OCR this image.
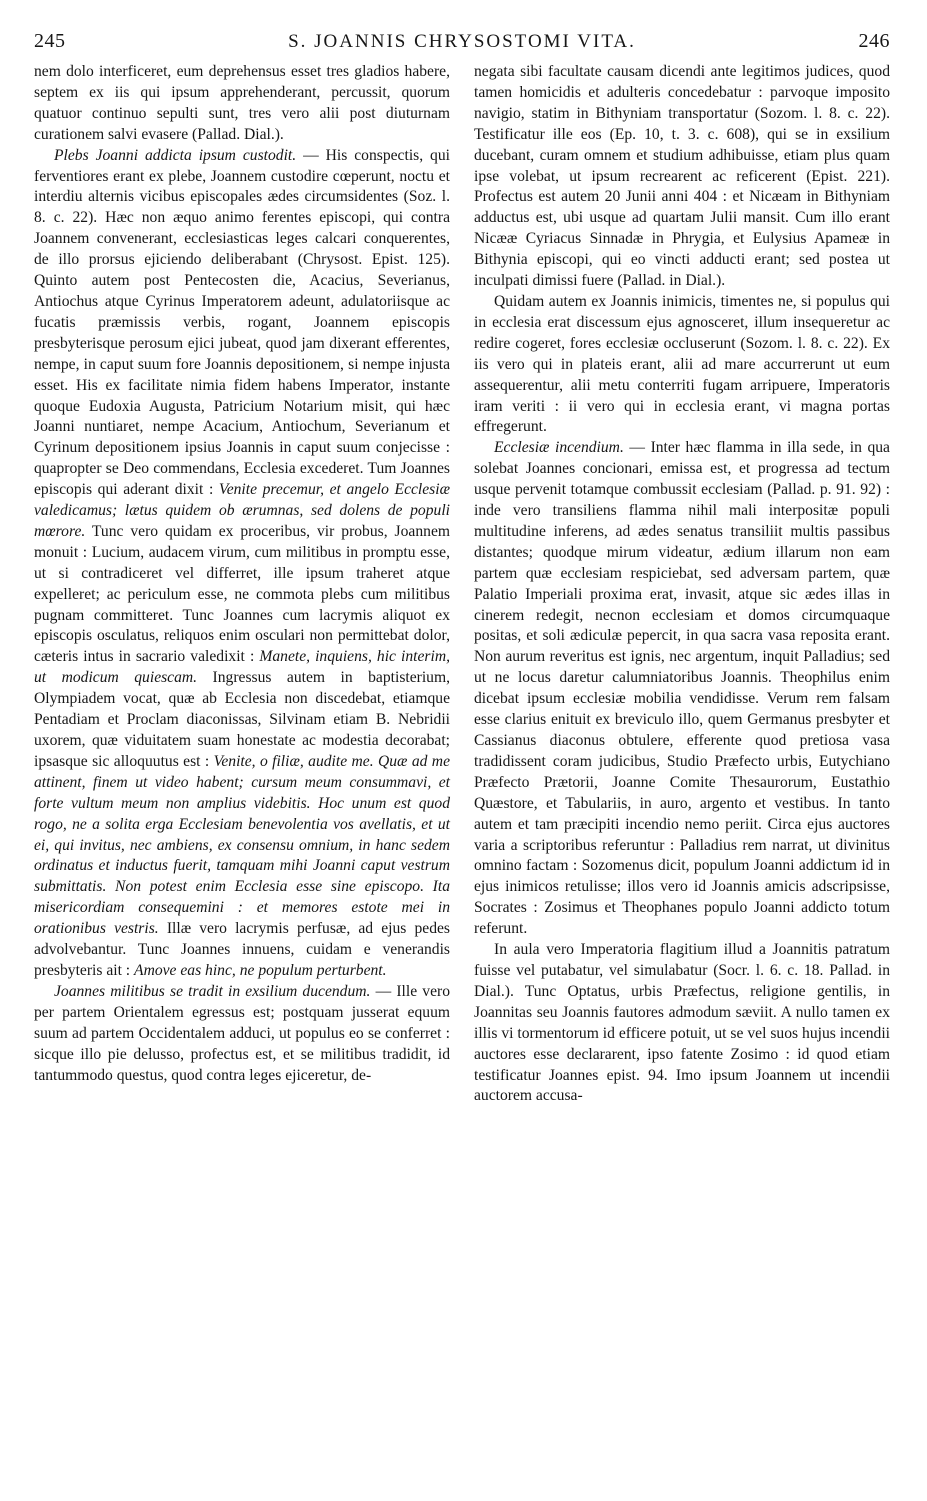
245	S. JOANNIS CHRYSOSTOMI VITA.	246

nem dolo interficeret, eum deprehensus esset tres gladios habere, septem ex iis qui ipsum apprehenderant, percussit, quorum quatuor continuo sepulti sunt, tres vero alii post diuturnam curationem salvi evasere (Pallad. Dial.).

Plebs Joanni addicta ipsum custodit. — His conspectis, qui ferventiores erant ex plebe, Joannem custodire cœperunt, noctu et interdiu alternis vicibus episcopales ædes circumsidentes (Soz. l. 8. c. 22). Hæc non æquo animo ferentes episcopi, qui contra Joannem convenerant, ecclesiasticas leges calcari conquerentes, de illo prorsus ejiciendo deliberabant (Chrysost. Epist. 125). Quinto autem post Pentecosten die, Acacius, Severianus, Antiochus atque Cyrinus Imperatorem adeunt, adulatoriisque ac fucatis præmissis verbis, rogant, Joannem episcopis presbyterisque perosum ejici jubeat, quod jam dixerant efferentes, nempe, in caput suum fore Joannis depositionem, si nempe injusta esset. His ex facilitate nimia fidem habens Imperator, instante quoque Eudoxia Augusta, Patricium Notarium misit, qui hæc Joanni nuntiaret, nempe Acacium, Antiochum, Severianum et Cyrinum depositionem ipsius Joannis in caput suum conjecisse : quapropter se Deo commendans, Ecclesia excederet. Tum Joannes episcopis qui aderant dixit : Venite precemur, et angelo Ecclesiæ valedicamus; lætus quidem ob ærumnas, sed dolens de populi mœrore. Tunc vero quidam ex proceribus, vir probus, Joannem monuit : Lucium, audacem virum, cum militibus in promptu esse, ut si contradiceret vel differret, ille ipsum traheret atque expelleret; ac periculum esse, ne commota plebs cum militibus pugnam committeret. Tunc Joannes cum lacrymis aliquot ex episcopis osculatus, reliquos enim osculari non permittebat dolor, cæteris intus in sacrario valedixit : Manete, inquiens, hic interim, ut modicum quiescam. Ingressus autem in baptisterium, Olympiadem vocat, quæ ab Ecclesia non discedebat, etiamque Pentadiam et Proclam diaconissas, Silvinam etiam B. Nebridii uxorem, quæ viduitatem suam honestate ac modestia decorabat; ipsasque sic alloquutus est : Venite, o filiæ, audite me. Quæ ad me attinent, finem ut video habent; cursum meum consummavi, et forte vultum meum non amplius videbitis. Hoc unum est quod rogo, ne a solita erga Ecclesiam benevolentia vos avellatis, et ut ei, qui invitus, nec ambiens, ex consensu omnium, in hanc sedem ordinatus et inductus fuerit, tamquam mihi Joanni caput vestrum submittatis. Non potest enim Ecclesia esse sine episcopo. Ita misericordiam consequemini : et memores estote mei in orationibus vestris. Illæ vero lacrymis perfusæ, ad ejus pedes advolvebantur. Tunc Joannes innuens, cuidam e venerandis presbyteris ait : Amove eas hinc, ne populum perturbent.

Joannes militibus se tradit in exsilium ducendum. — Ille vero per partem Orientalem egressus est; postquam jusserat equum suum ad partem Occidentalem adduci, ut populus eo se conferret : sicque illo pie delusso, profectus est, et se militibus tradidit, id tantummodo questus, quod contra leges ejiceretur, de-

negata sibi facultate causam dicendi ante legitimos judices, quod tamen homicidis et adulteris concedebatur : parvoque imposito navigio, statim in Bithyniam transportatur (Sozom. l. 8. c. 22). Testificatur ille eos (Ep. 10, t. 3. c. 608), qui se in exsilium ducebant, curam omnem et studium adhibuisse, etiam plus quam ipse volebat, ut ipsum recrearent ac reficerent (Epist. 221). Profectus est autem 20 Junii anni 404 : et Nicæam in Bithyniam adductus est, ubi usque ad quartam Julii mansit. Cum illo erant Nicææ Cyriacus Sinnadæ in Phrygia, et Eulysius Apameæ in Bithynia episcopi, qui eo vincti adducti erant; sed postea ut inculpati dimissi fuere (Pallad. in Dial.).

Quidam autem ex Joannis inimicis, timentes ne, si populus qui in ecclesia erat discessum ejus agnosceret, illum insequeretur ac redire cogeret, fores ecclesiæ occluserunt (Sozom. l. 8. c. 22). Ex iis vero qui in plateis erant, alii ad mare accurrerunt ut eum assequerentur, alii metu conterriti fugam arripuere, Imperatoris iram veriti : ii vero qui in ecclesia erant, vi magna portas effregerunt.

Ecclesiæ incendium. — Inter hæc flamma in illa sede, in qua solebat Joannes concionari, emissa est, et progressa ad tectum usque pervenit totamque combussit ecclesiam (Pallad. p. 91. 92) : inde vero transiliens flamma nihil mali interpositæ populi multitudine inferens, ad ædes senatus transiliit multis passibus distantes; quodque mirum videatur, ædium illarum non eam partem quæ ecclesiam respiciebat, sed adversam partem, quæ Palatio Imperiali proxima erat, invasit, atque sic ædes illas in cinerem redegit, necnon ecclesiam et domos circumquaque positas, et soli ædiculæ pepercit, in qua sacra vasa reposita erant. Non aurum reveritus est ignis, nec argentum, inquit Palladius; sed ut ne locus daretur calumniatoribus Joannis. Theophilus enim dicebat ipsum ecclesiæ mobilia vendidisse. Verum rem falsam esse clarius enituit ex breviculo illo, quem Germanus presbyter et Cassianus diaconus obtulere, efferente quod pretiosa vasa tradidissent coram judicibus, Studio Præfecto urbis, Eutychiano Præfecto Prætorii, Joanne Comite Thesaurorum, Eustathio Quæstore, et Tabulariis, in auro, argento et vestibus. In tanto autem et tam præcipiti incendio nemo periit. Circa ejus auctores varia a scriptoribus referuntur : Palladius rem narrat, ut divinitus omnino factam : Sozomenus dicit, populum Joanni addictum id in ejus inimicos retulisse; illos vero id Joannis amicis adscripsisse, Socrates : Zosimus et Theophanes populo Joanni addicto totum referunt.

In aula vero Imperatoria flagitium illud a Joannitis patratum fuisse vel putabatur, vel simulabatur (Socr. l. 6. c. 18. Pallad. in Dial.). Tunc Optatus, urbis Præfectus, religione gentilis, in Joannitas seu Joannis fautores admodum sæviit. A nullo tamen ex illis vi tormentorum id efficere potuit, ut se vel suos hujus incendii auctores esse declararent, ipso fatente Zosimo : id quod etiam testificatur Joannes epist. 94. Imo ipsum Joannem ut incendii auctorem accusa-
